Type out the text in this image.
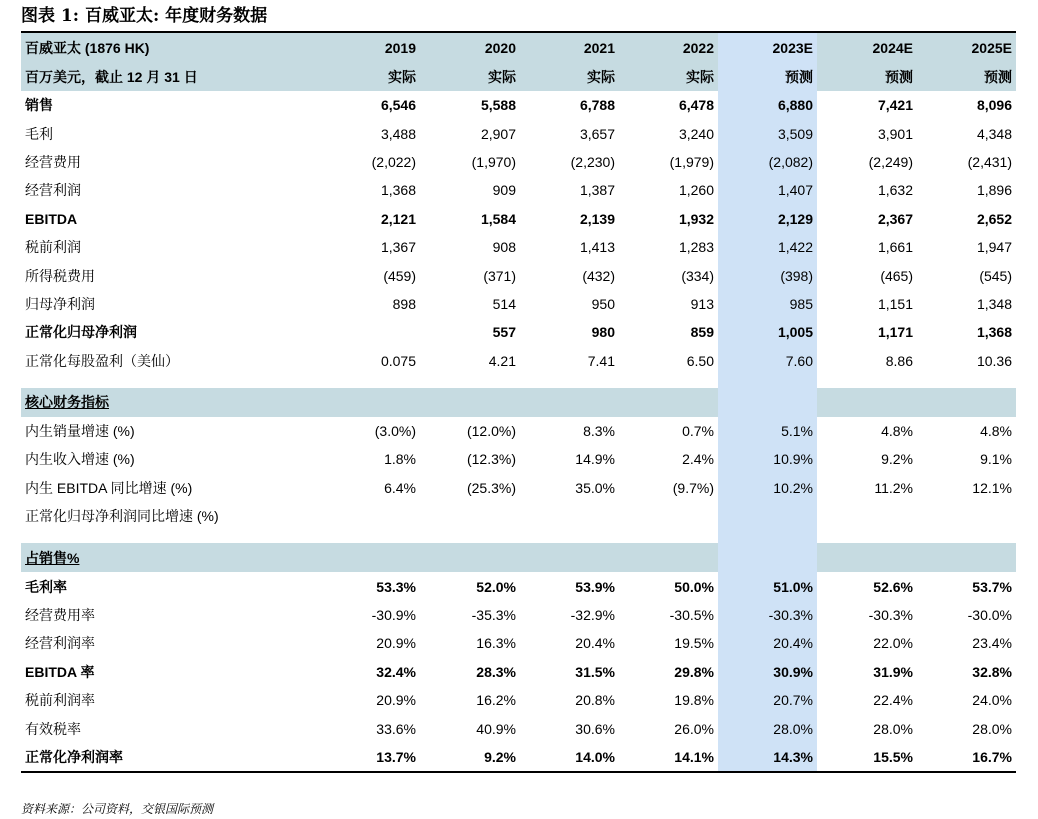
图表 1: 百威亚太: 年度财务数据
百威亚太 (1876 HK)	2019	2020	2021	2022	2023E	2024E	2025E
百万美元，截止 12 月 31 日	实际	实际	实际	实际	预测	预测	预测
销售	6,546	5,588	6,788	6,478	6,880	7,421	8,096
毛利	3,488	2,907	3,657	3,240	3,509	3,901	4,348
经营费用	(2,022)	(1,970)	(2,230)	(1,979)	(2,082)	(2,249)	(2,431)
经营利润	1,368	909	1,387	1,260	1,407	1,632	1,896
EBITDA	2,121	1,584	2,139	1,932	2,129	2,367	2,652
税前利润	1,367	908	1,413	1,283	1,422	1,661	1,947
所得税费用	(459)	(371)	(432)	(334)	(398)	(465)	(545)
归母净利润	898	514	950	913	985	1,151	1,348
正常化归母净利润		557	980	859	1,005	1,171	1,368
正常化每股盈利（美仙）	0.075	4.21	7.41	6.50	7.60	8.86	10.36

核心财务指标							
内生销量增速 (%)	(3.0%)	(12.0%)	8.3%	0.7%	5.1%	4.8%	4.8%
内生收入增速 (%)	1.8%	(12.3%)	14.9%	2.4%	10.9%	9.2%	9.1%
内生 EBITDA 同比增速 (%)	6.4%	(25.3%)	35.0%	(9.7%)	10.2%	11.2%	12.1%
正常化归母净利润同比增速 (%)							

占销售%							
毛利率	53.3%	52.0%	53.9%	50.0%	51.0%	52.6%	53.7%
经营费用率	-30.9%	-35.3%	-32.9%	-30.5%	-30.3%	-30.3%	-30.0%
经营利润率	20.9%	16.3%	20.4%	19.5%	20.4%	22.0%	23.4%
EBITDA 率	32.4%	28.3%	31.5%	29.8%	30.9%	31.9%	32.8%
税前利润率	20.9%	16.2%	20.8%	19.8%	20.7%	22.4%	24.0%
有效税率	33.6%	40.9%	30.6%	26.0%	28.0%	28.0%	28.0%
正常化净利润率	13.7%	9.2%	14.0%	14.1%	14.3%	15.5%	16.7%
资料来源：公司资料，交银国际预测
